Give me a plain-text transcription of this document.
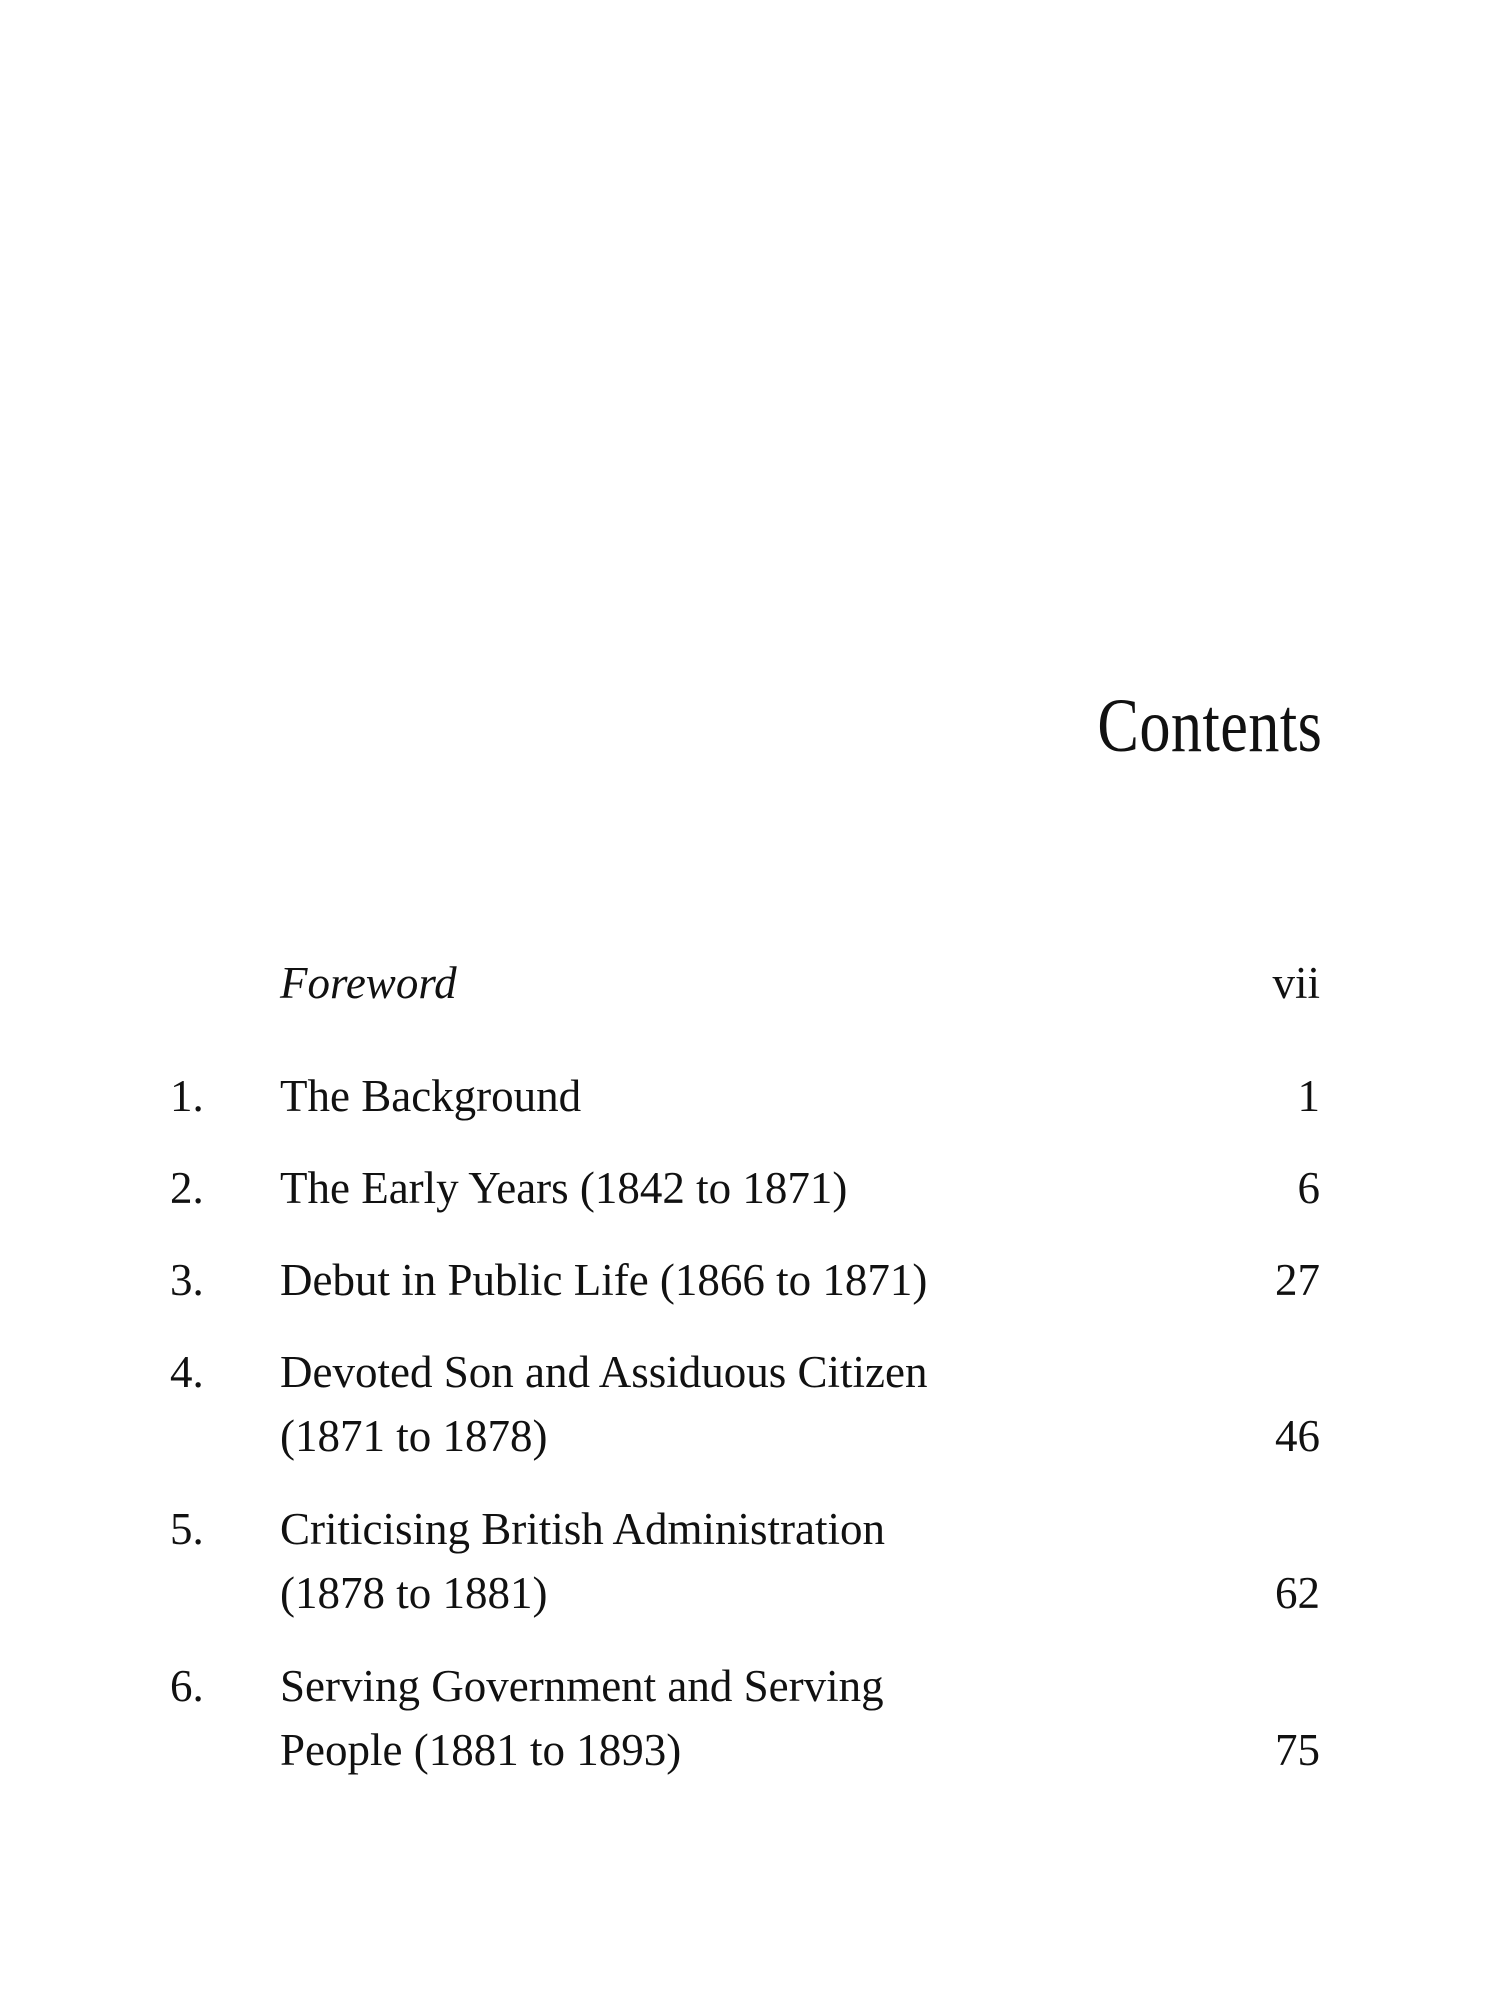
Contents
Foreword	vii
1. The Background	1
2. The Early Years (1842 to 1871)	6
3. Debut in Public Life (1866 to 1871)	27
4. Devoted Son and Assiduous Citizen
(1871 to 1878)	46
5. Criticising British Administration
(1878 to 1881)	62
6. Serving Government and Serving
People (1881 to 1893)	75
